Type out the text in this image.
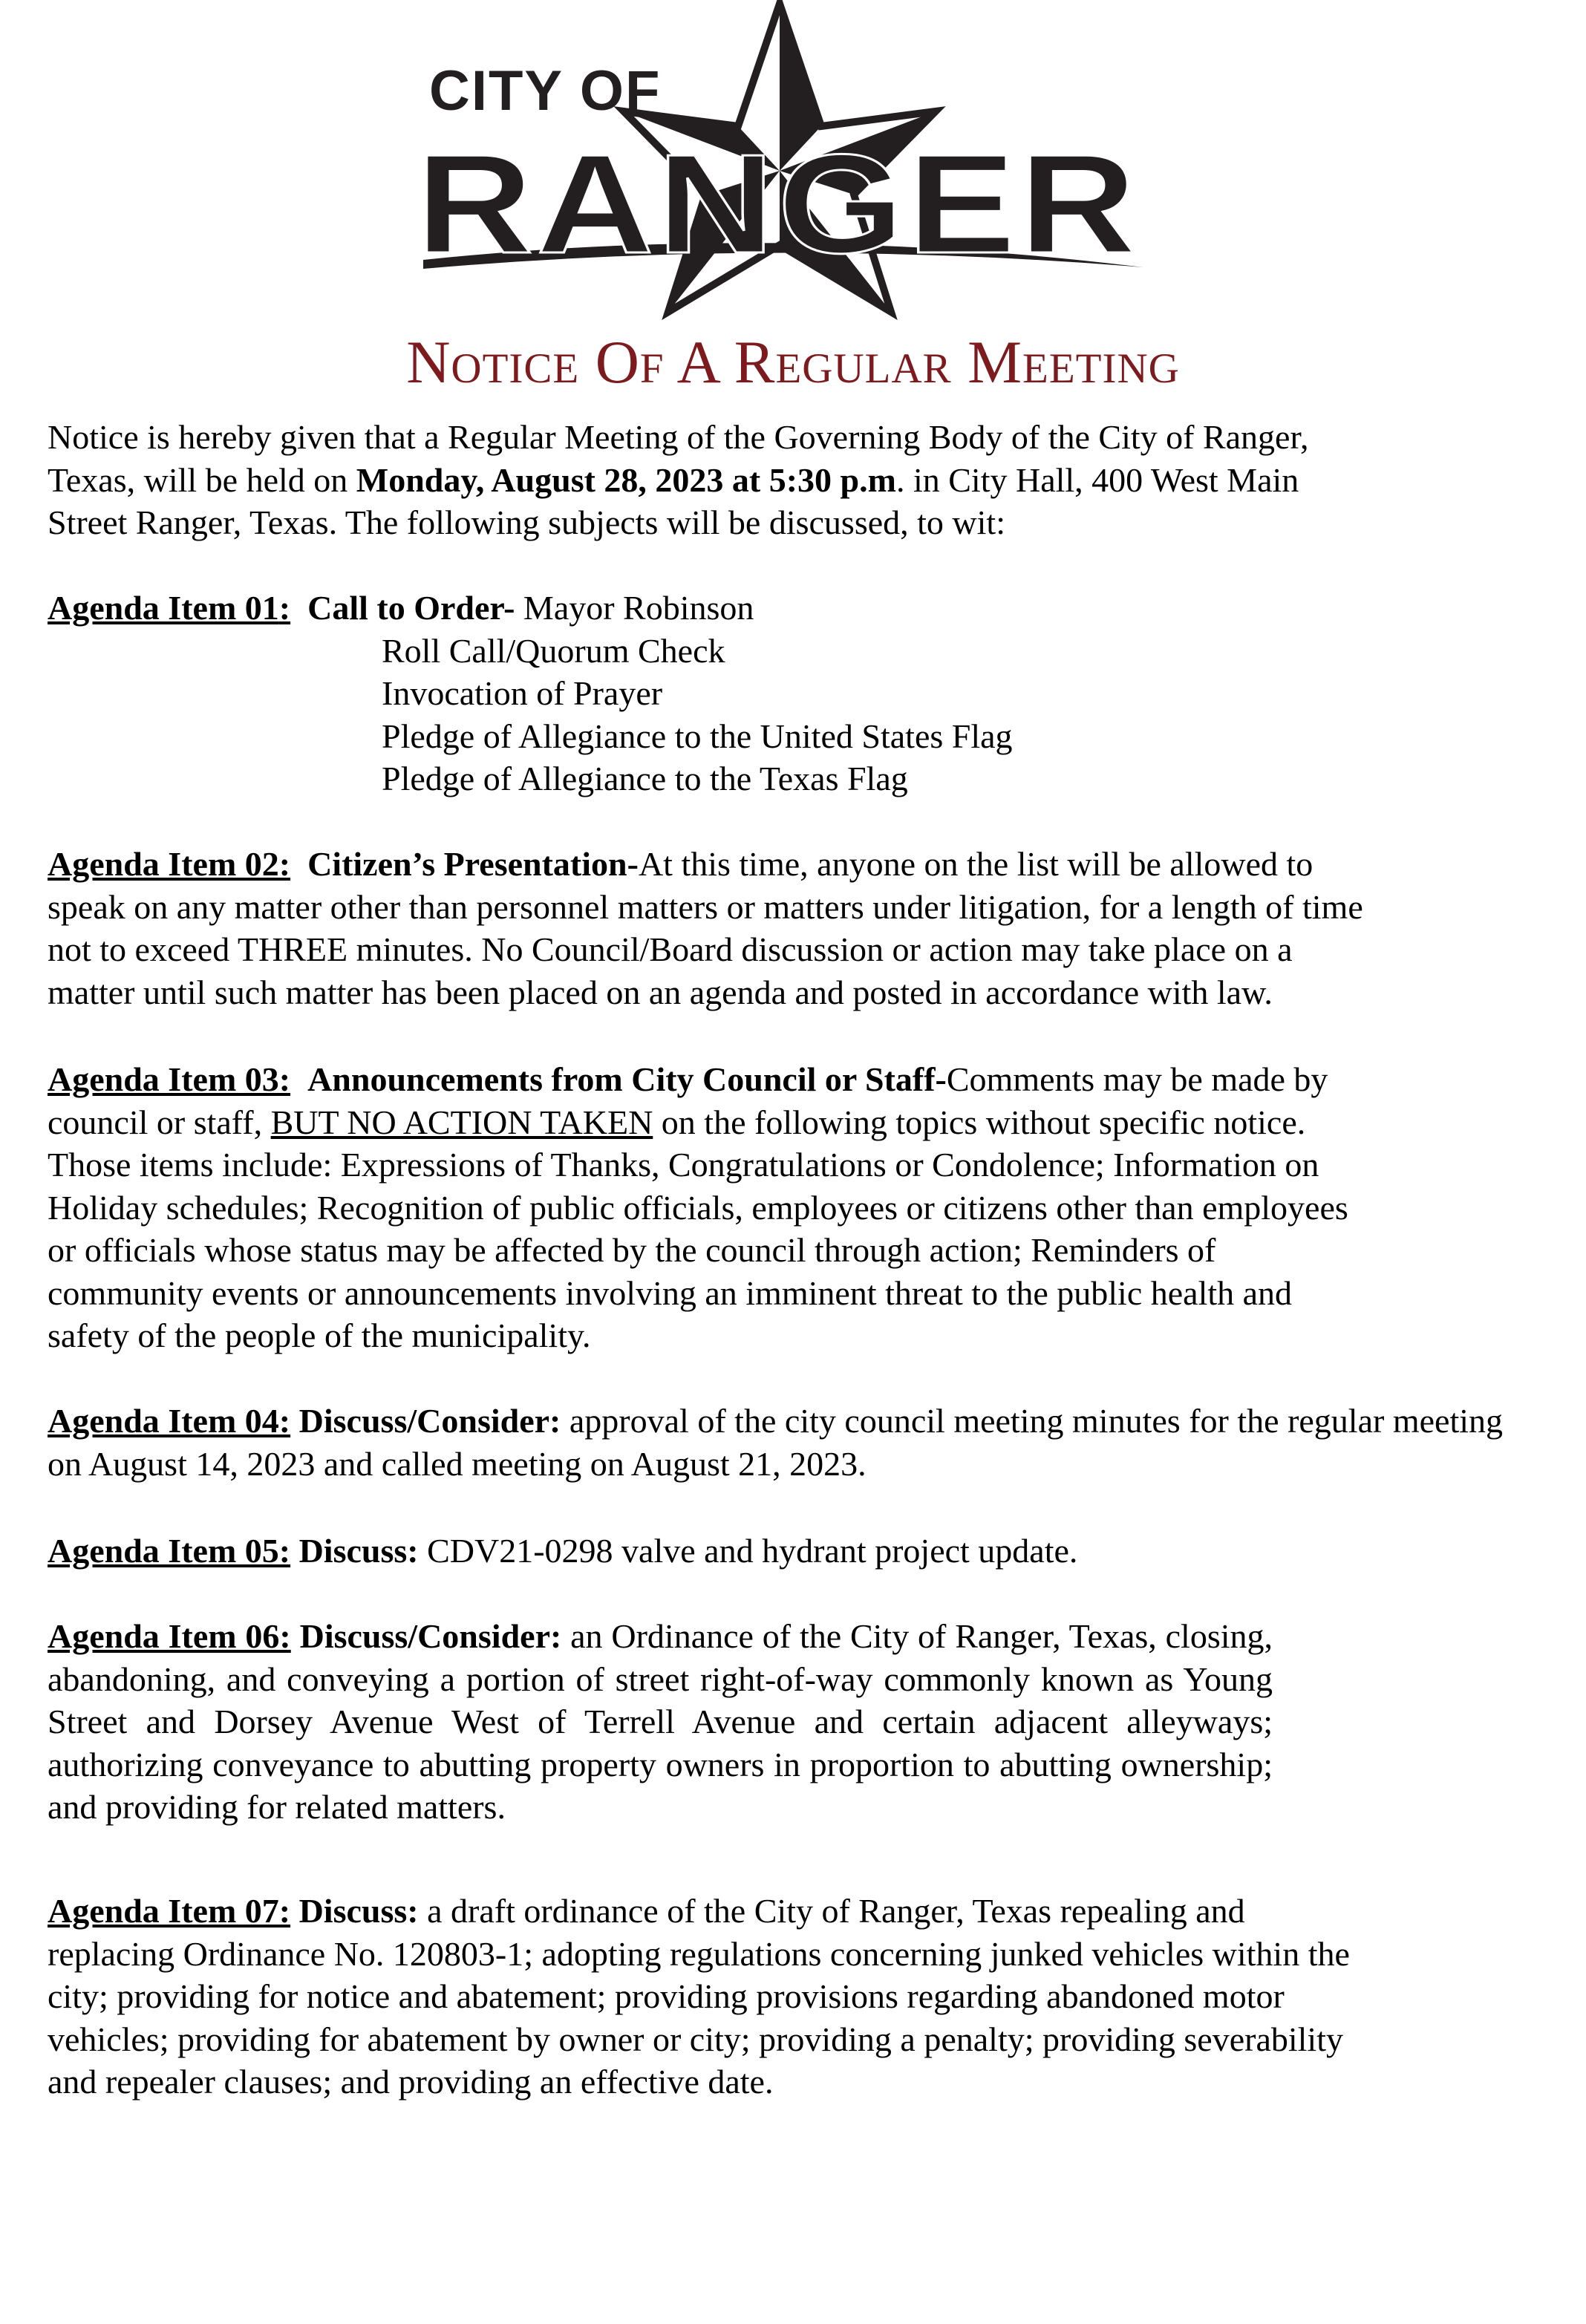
CITY OF
RANGER
Notice Of A Regular Meeting
Notice is hereby given that a Regular Meeting of the Governing Body of the City of Ranger,
Texas, will be held on Monday, August 28, 2023 at 5:30 p.m. in City Hall, 400 West Main
Street Ranger, Texas. The following subjects will be discussed, to wit:
Agenda Item 01: Call to Order- Mayor Robinson
Roll Call/Quorum Check
Invocation of Prayer
Pledge of Allegiance to the United States Flag
Pledge of Allegiance to the Texas Flag
Agenda Item 02: Citizen’s Presentation-At this time, anyone on the list will be allowed to
speak on any matter other than personnel matters or matters under litigation, for a length of time
not to exceed THREE minutes. No Council/Board discussion or action may take place on a
matter until such matter has been placed on an agenda and posted in accordance with law.
Agenda Item 03: Announcements from City Council or Staff-Comments may be made by
council or staff, BUT NO ACTION TAKEN on the following topics without specific notice.
Those items include: Expressions of Thanks, Congratulations or Condolence; Information on
Holiday schedules; Recognition of public officials, employees or citizens other than employees
or officials whose status may be affected by the council through action; Reminders of
community events or announcements involving an imminent threat to the public health and
safety of the people of the municipality.
Agenda Item 04: Discuss/Consider: approval of the city council meeting minutes for the regular meeting on August 14, 2023 and called meeting on August 21, 2023.
Agenda Item 05: Discuss: CDV21-0298 valve and hydrant project update.
Agenda Item 06: Discuss/Consider: an Ordinance of the City of Ranger, Texas, closing, abandoning, and conveying a portion of street right-of-way commonly known as Young Street and Dorsey Avenue West of Terrell Avenue and certain adjacent alleyways; authorizing conveyance to abutting property owners in proportion to abutting ownership; and providing for related matters.
Agenda Item 07: Discuss: a draft ordinance of the City of Ranger, Texas repealing and
replacing Ordinance No. 120803-1; adopting regulations concerning junked vehicles within the
city; providing for notice and abatement; providing provisions regarding abandoned motor
vehicles; providing for abatement by owner or city; providing a penalty; providing severability
and repealer clauses; and providing an effective date.
